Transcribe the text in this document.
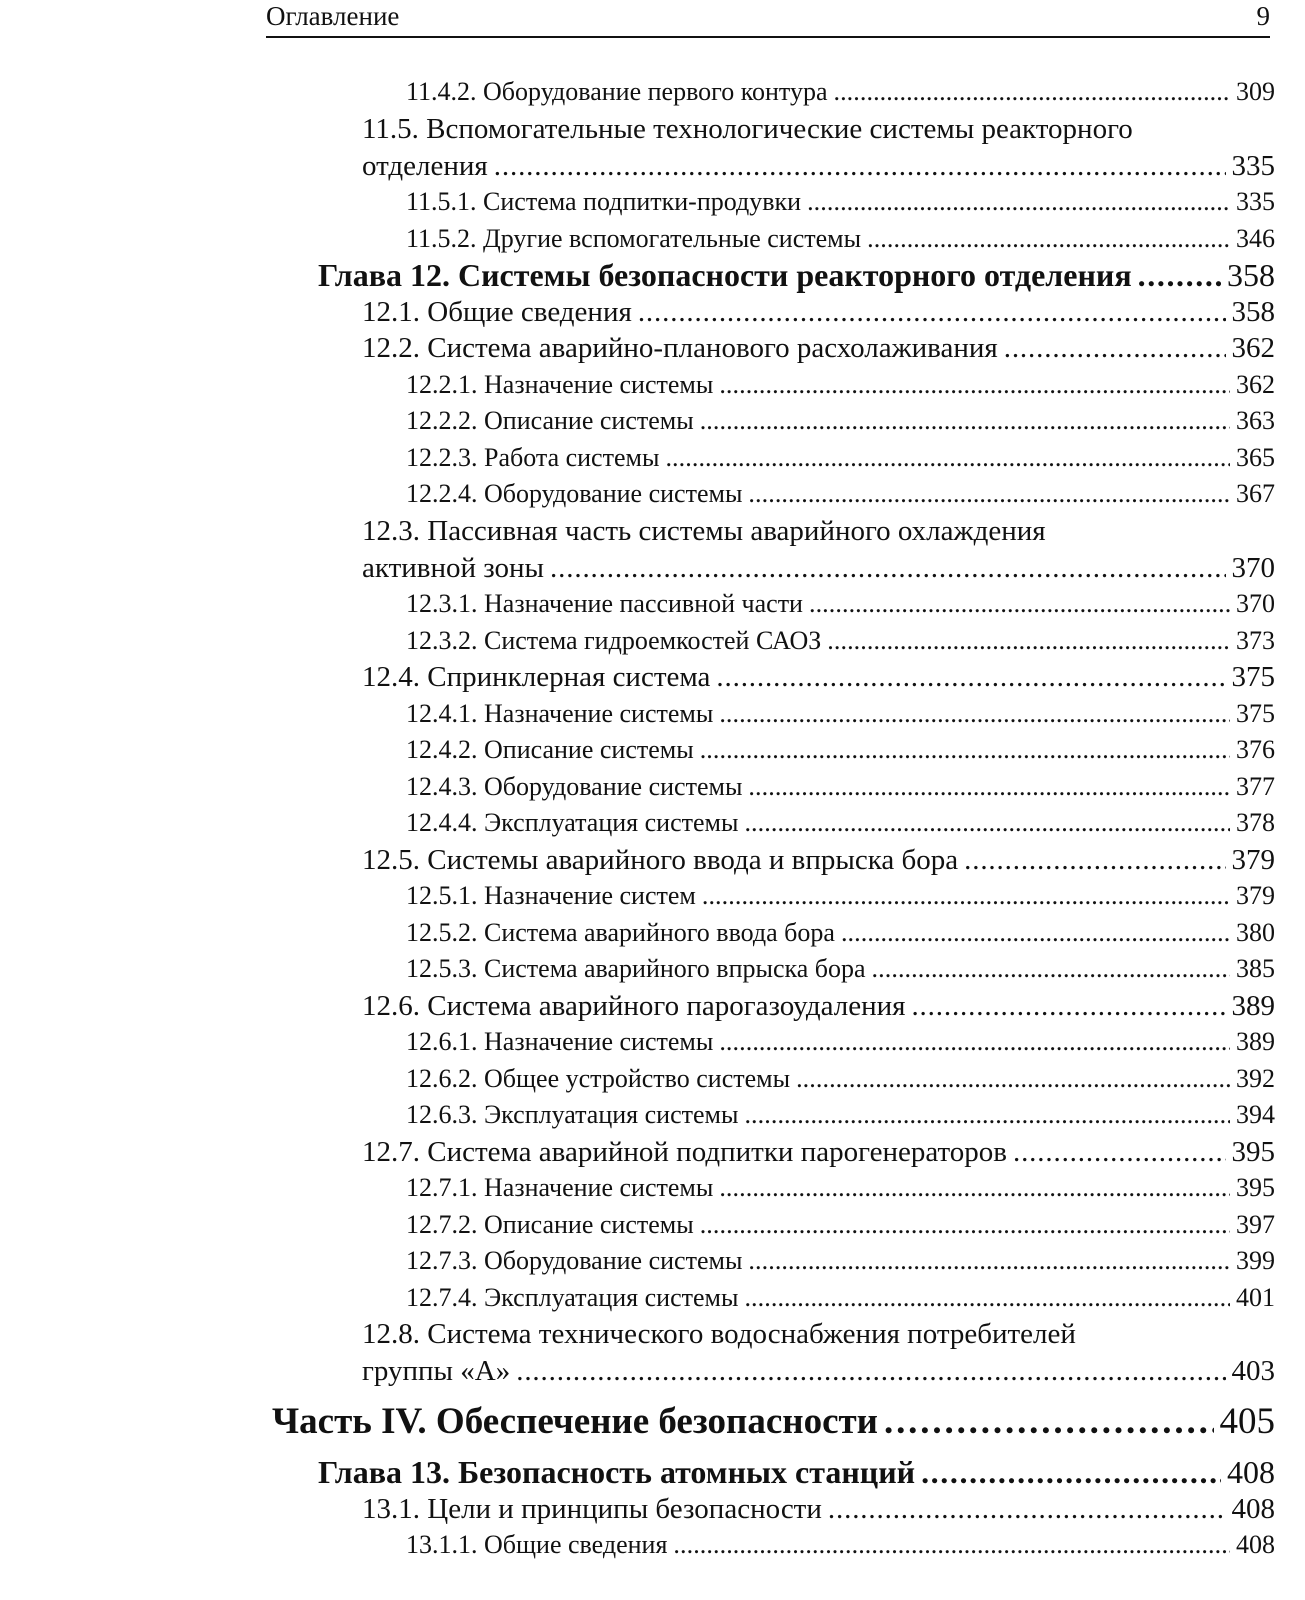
Оглавление	9
11.4.2. Оборудование первого контура . . .	309
11.5. Вспомогательные технологические системы реакторного
отделения . . .	335
11.5.1. Система подпитки-продувки . . .	335
11.5.2. Другие вспомогательные системы . . .	346
Глава 12. Системы безопасности реакторного отделения . . .	358
12.1. Общие сведения . . .	358
12.2. Система аварийно-планового расхолаживания . . .	362
12.2.1. Назначение системы . . .	362
12.2.2. Описание системы . . .	363
12.2.3. Работа системы . . .	365
12.2.4. Оборудование системы . . .	367
12.3. Пассивная часть системы аварийного охлаждения
активной зоны . . .	370
12.3.1. Назначение пассивной части . . .	370
12.3.2. Система гидроемкостей САОЗ . . .	373
12.4. Спринклерная система . . .	375
12.4.1. Назначение системы . . .	375
12.4.2. Описание системы . . .	376
12.4.3. Оборудование системы . . .	377
12.4.4. Эксплуатация системы . . .	378
12.5. Системы аварийного ввода и впрыска бора . . .	379
12.5.1. Назначение систем . . .	379
12.5.2. Система аварийного ввода бора . . .	380
12.5.3. Система аварийного впрыска бора . . .	385
12.6. Система аварийного парогазоудаления . . .	389
12.6.1. Назначение системы . . .	389
12.6.2. Общее устройство системы . . .	392
12.6.3. Эксплуатация системы . . .	394
12.7. Система аварийной подпитки парогенераторов . . .	395
12.7.1. Назначение системы . . .	395
12.7.2. Описание системы . . .	397
12.7.3. Оборудование системы . . .	399
12.7.4. Эксплуатация системы . . .	401
12.8. Система технического водоснабжения потребителей
группы «А» . . .	403
Часть IV. Обеспечение безопасности . . .	405
Глава 13. Безопасность атомных станций . . .	408
13.1. Цели и принципы безопасности . . .	408
13.1.1. Общие сведения . . .	408
